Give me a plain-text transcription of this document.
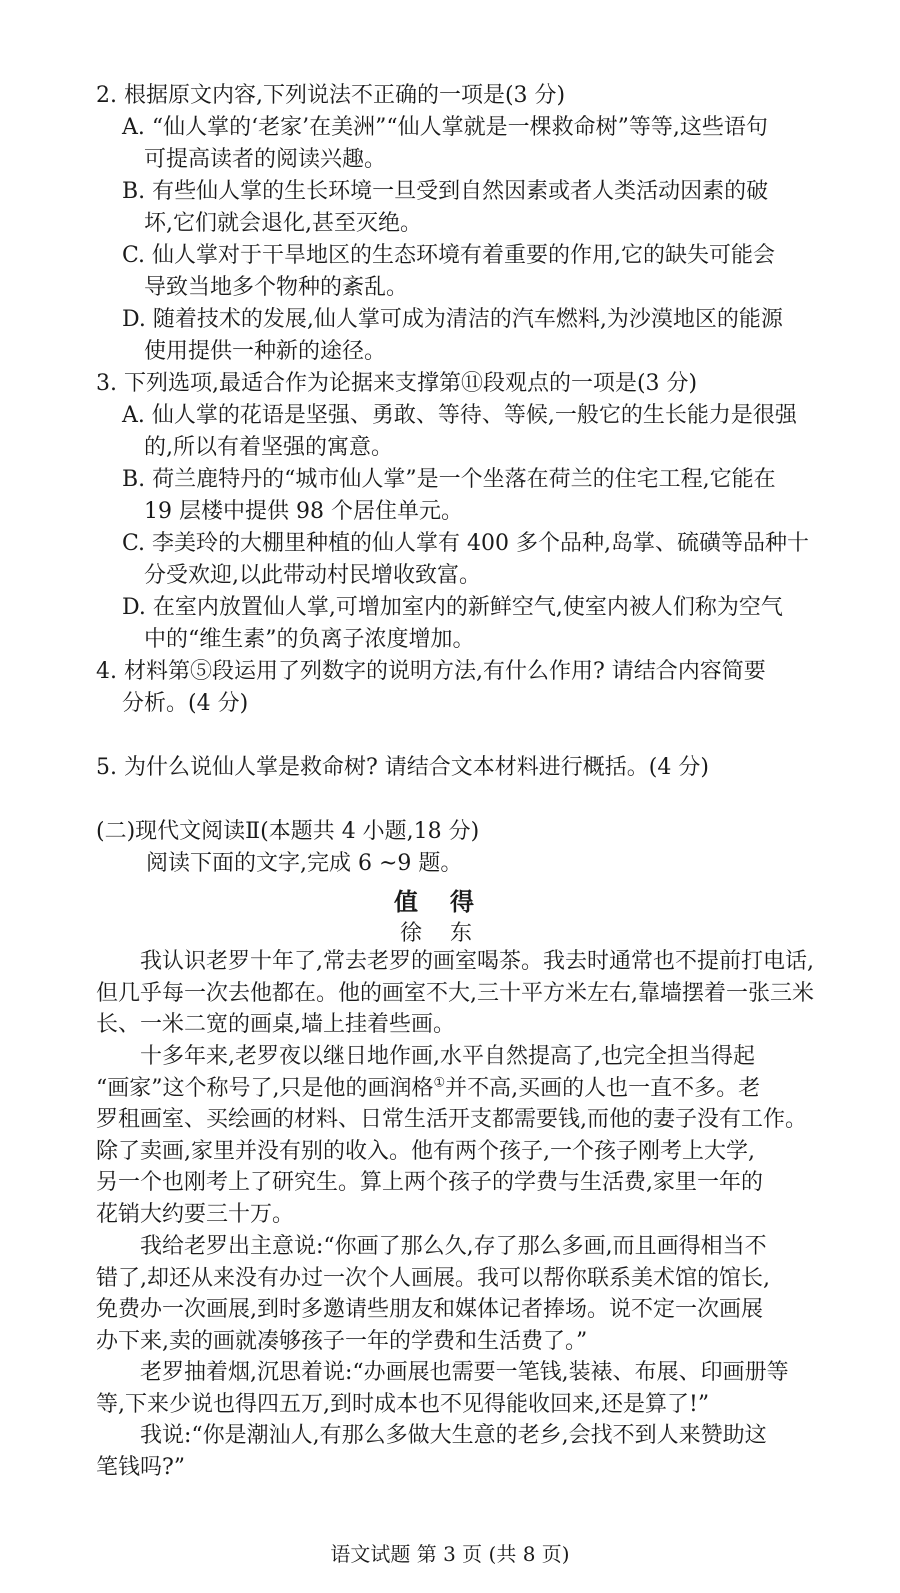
2. 根据原文内容,下列说法不正确的一项是(3 分)
A. “仙人掌的‘老家’在美洲”“仙人掌就是一棵救命树”等等,这些语句
可提高读者的阅读兴趣。
B. 有些仙人掌的生长环境一旦受到自然因素或者人类活动因素的破
坏,它们就会退化,甚至灭绝。
C. 仙人掌对于干旱地区的生态环境有着重要的作用,它的缺失可能会
导致当地多个物种的紊乱。
D. 随着技术的发展,仙人掌可成为清洁的汽车燃料,为沙漠地区的能源
使用提供一种新的途径。
3. 下列选项,最适合作为论据来支撑第⑪段观点的一项是(3 分)
A. 仙人掌的花语是坚强、勇敢、等待、等候,一般它的生长能力是很强
的,所以有着坚强的寓意。
B. 荷兰鹿特丹的“城市仙人掌”是一个坐落在荷兰的住宅工程,它能在
19 层楼中提供 98 个居住单元。
C. 李美玲的大棚里种植的仙人掌有 400 多个品种,岛掌、硫磺等品种十
分受欢迎,以此带动村民增收致富。
D. 在室内放置仙人掌,可增加室内的新鲜空气,使室内被人们称为空气
中的“维生素”的负离子浓度增加。
4. 材料第⑤段运用了列数字的说明方法,有什么作用? 请结合内容简要
分析。(4 分)
5. 为什么说仙人掌是救命树? 请结合文本材料进行概括。(4 分)
(二)现代文阅读Ⅱ(本题共 4 小题,18 分)
阅读下面的文字,完成 6 ~9 题。
值得
徐东
我认识老罗十年了,常去老罗的画室喝茶。我去时通常也不提前打电话,
但几乎每一次去他都在。他的画室不大,三十平方米左右,靠墙摆着一张三米
长、一米二宽的画桌,墙上挂着些画。
十多年来,老罗夜以继日地作画,水平自然提高了,也完全担当得起
“画家”这个称号了,只是他的画润格①并不高,买画的人也一直不多。老
罗租画室、买绘画的材料、日常生活开支都需要钱,而他的妻子没有工作。
除了卖画,家里并没有别的收入。他有两个孩子,一个孩子刚考上大学,
另一个也刚考上了研究生。算上两个孩子的学费与生活费,家里一年的
花销大约要三十万。
我给老罗出主意说:“你画了那么久,存了那么多画,而且画得相当不
错了,却还从来没有办过一次个人画展。我可以帮你联系美术馆的馆长,
免费办一次画展,到时多邀请些朋友和媒体记者捧场。说不定一次画展
办下来,卖的画就凑够孩子一年的学费和生活费了。”
老罗抽着烟,沉思着说:“办画展也需要一笔钱,装裱、布展、印画册等
等,下来少说也得四五万,到时成本也不见得能收回来,还是算了!”
我说:“你是潮汕人,有那么多做大生意的老乡,会找不到人来赞助这
笔钱吗?”
语文试题 第 3 页 (共 8 页)
